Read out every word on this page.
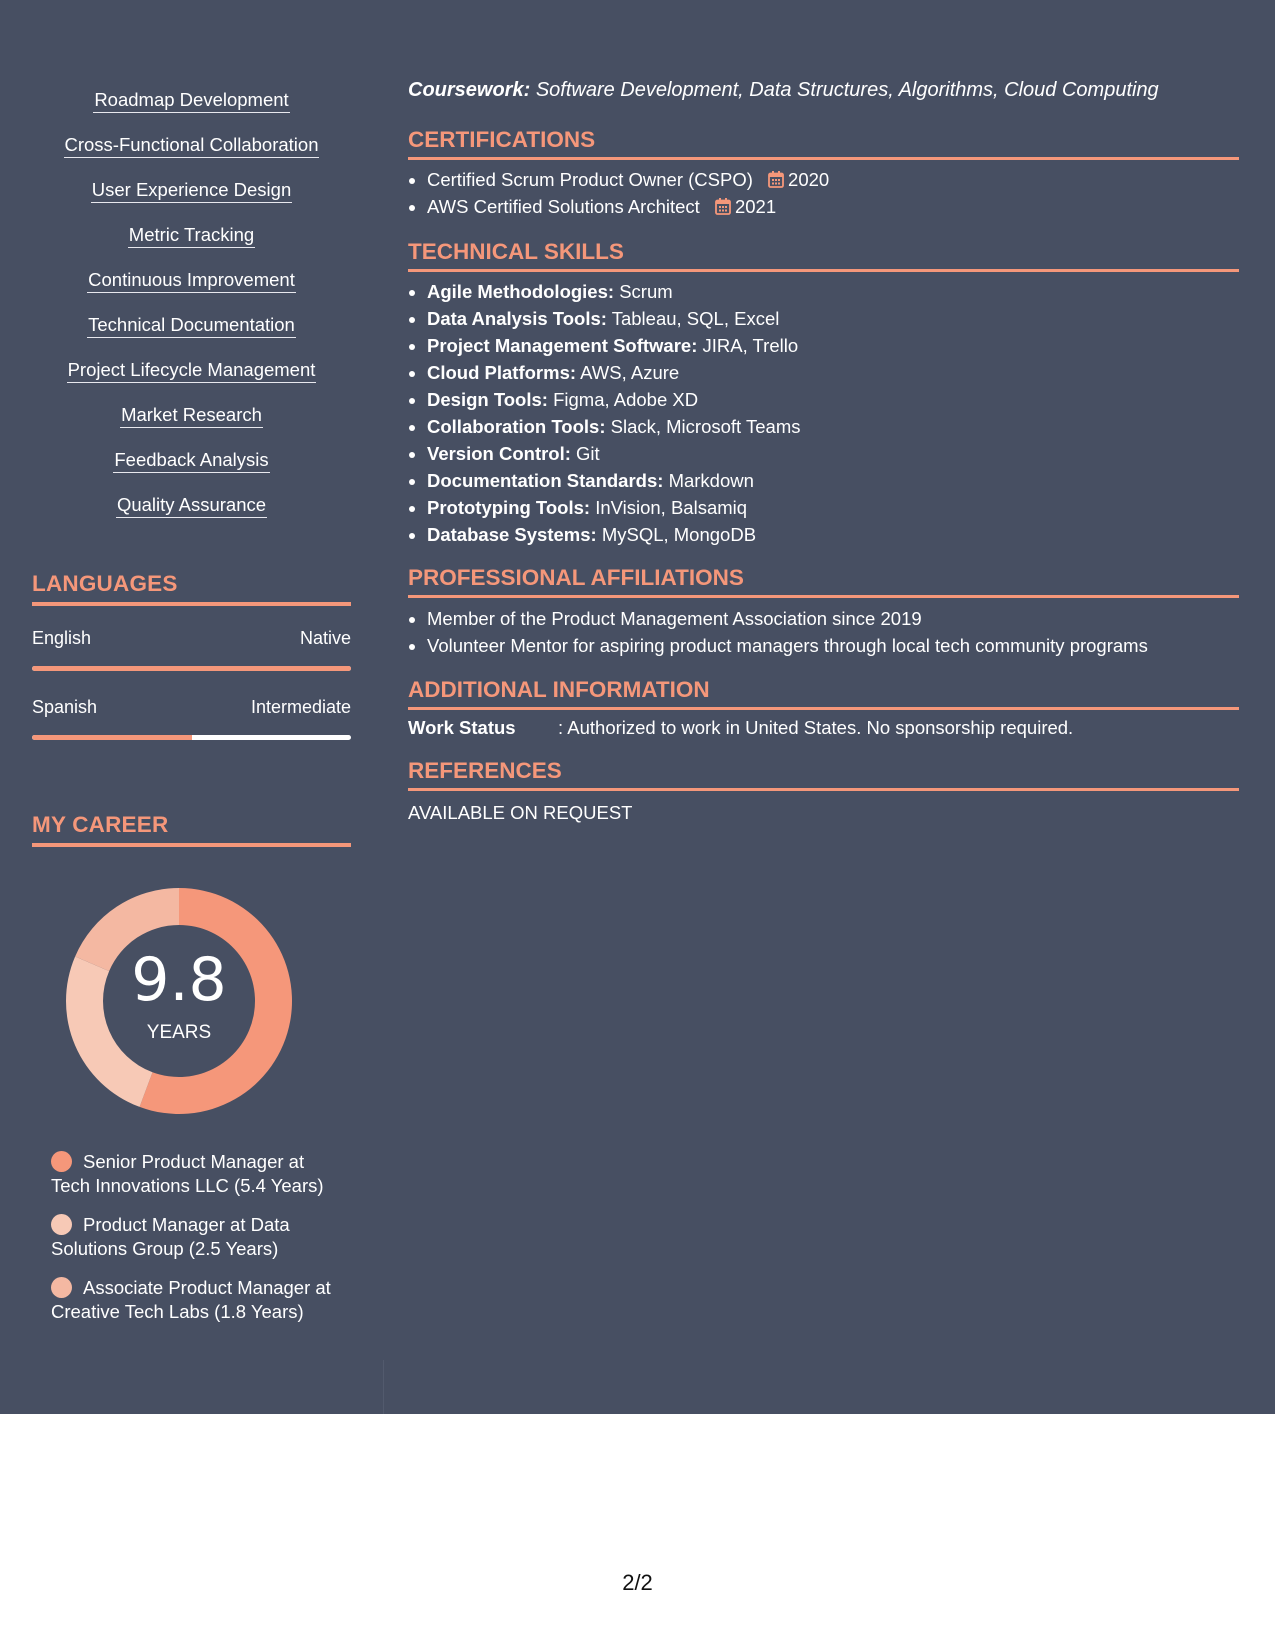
Roadmap Development
Cross-Functional Collaboration
User Experience Design
Metric Tracking
Continuous Improvement
Technical Documentation
Project Lifecycle Management
Market Research
Feedback Analysis
Quality Assurance
LANGUAGES
English	Native
Spanish	Intermediate
MY CAREER
9.8
YEARS
Senior Product Manager at Tech Innovations LLC (5.4 Years)
Product Manager at Data Solutions Group (2.5 Years)
Associate Product Manager at Creative Tech Labs (1.8 Years)
Coursework: Software Development, Data Structures, Algorithms, Cloud Computing
CERTIFICATIONS
• Certified Scrum Product Owner (CSPO) 2020
• AWS Certified Solutions Architect 2021
TECHNICAL SKILLS
• Agile Methodologies: Scrum
• Data Analysis Tools: Tableau, SQL, Excel
• Project Management Software: JIRA, Trello
• Cloud Platforms: AWS, Azure
• Design Tools: Figma, Adobe XD
• Collaboration Tools: Slack, Microsoft Teams
• Version Control: Git
• Documentation Standards: Markdown
• Prototyping Tools: InVision, Balsamiq
• Database Systems: MySQL, MongoDB
PROFESSIONAL AFFILIATIONS
• Member of the Product Management Association since 2019
• Volunteer Mentor for aspiring product managers through local tech community programs
ADDITIONAL INFORMATION
Work Status : Authorized to work in United States. No sponsorship required.
REFERENCES
AVAILABLE ON REQUEST
2/2
